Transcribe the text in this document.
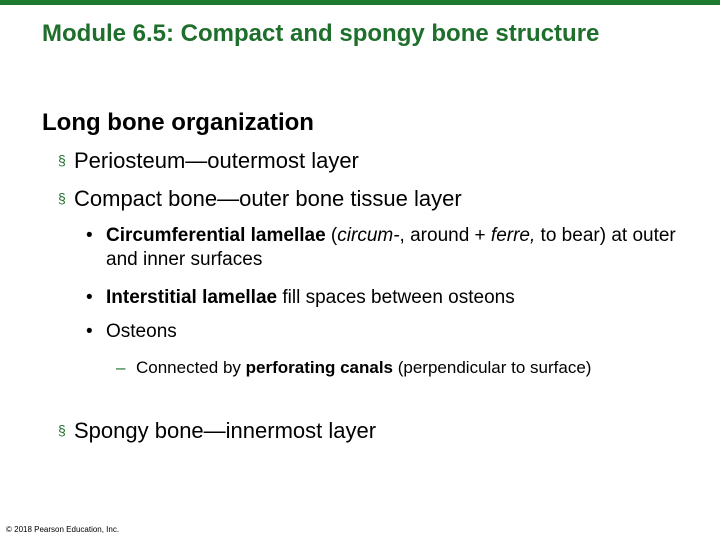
Module 6.5: Compact and spongy bone structure
Long bone organization
§ Periosteum—outermost layer
§ Compact bone—outer bone tissue layer
• Circumferential lamellae (circum-, around + ferre, to bear) at outer and inner surfaces
• Interstitial lamellae fill spaces between osteons
• Osteons
– Connected by perforating canals (perpendicular to surface)
§ Spongy bone—innermost layer
© 2018 Pearson Education, Inc.
